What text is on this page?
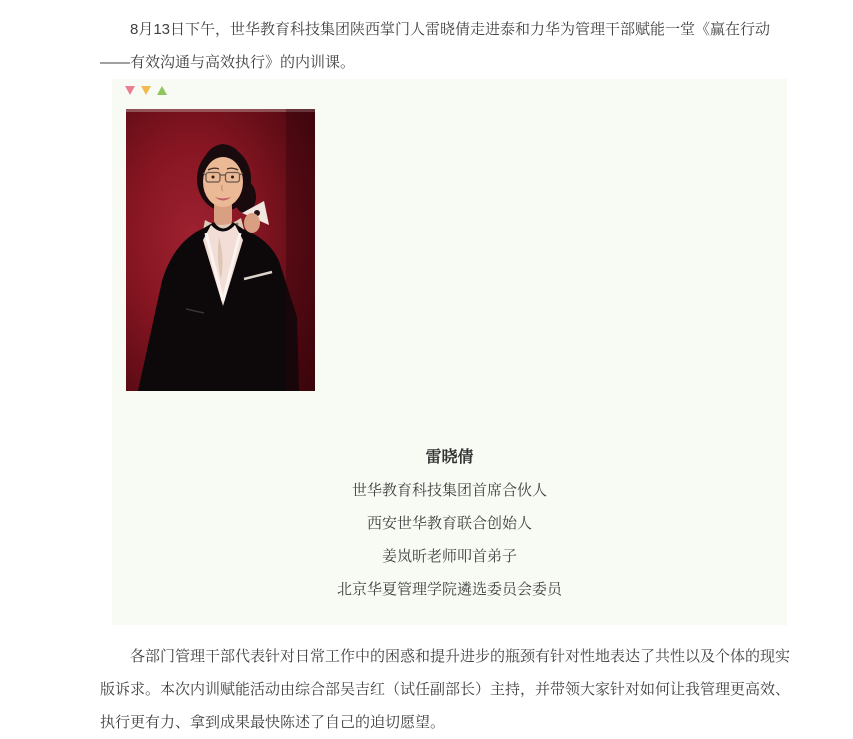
8月13日下午，世华教育科技集团陕西掌门人雷晓倩走进泰和力华为管理干部赋能一堂《赢在行动——有效沟通与高效执行》的内训课。

雷晓倩
世华教育科技集团首席合伙人
西安世华教育联合创始人
姜岚昕老师叩首弟子
北京华夏管理学院遴选委员会委员

各部门管理干部代表针对日常工作中的困惑和提升进步的瓶颈有针对性地表达了共性以及个体的现实版诉求。本次内训赋能活动由综合部吴吉红（试任副部长）主持，并带领大家针对如何让我管理更高效、执行更有力、拿到成果最快陈述了自己的迫切愿望。
